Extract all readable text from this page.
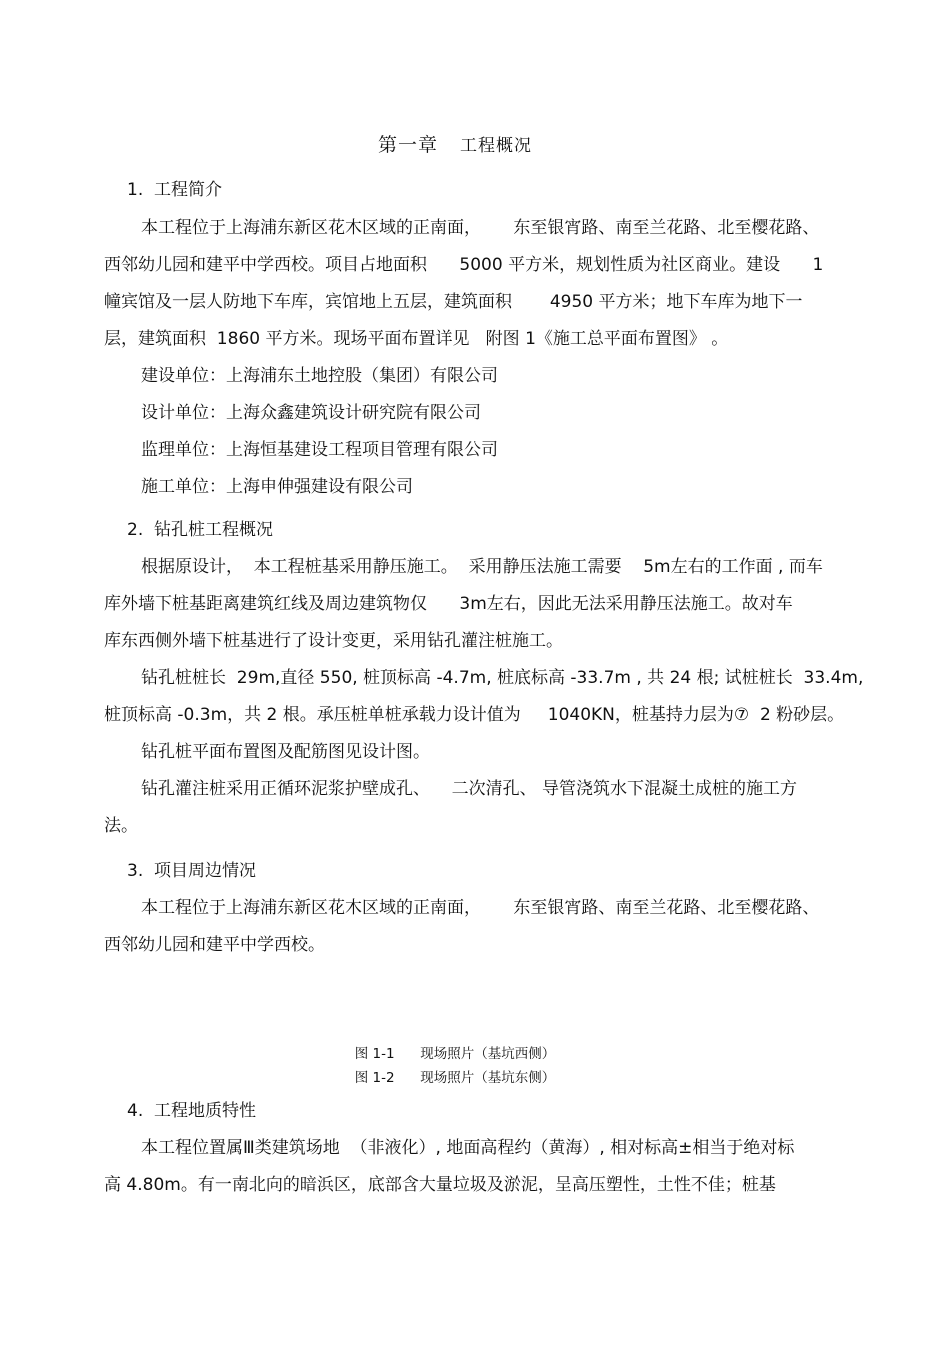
第一章 工程概况
1.  工程简介
本工程位于上海浦东新区花木区域的正南面，      东至银宵路、南至兰花路、北至樱花路、
西邻幼儿园和建平中学西校。项目占地面积      5000 平方米，规划性质为社区商业。建设      1
幢宾馆及一层人防地下车库，宾馆地上五层，建筑面积       4950 平方米；地下车库为地下一
层，建筑面积  1860 平方米。现场平面布置详见   附图 1《施工总平面布置图》 。
建设单位：上海浦东土地控股（集团）有限公司
设计单位：上海众鑫建筑设计研究院有限公司
监理单位：上海恒基建设工程项目管理有限公司
施工单位：上海申伸强建设有限公司
2.  钻孔桩工程概况
根据原设计，  本工程桩基采用静压施工。  采用静压法施工需要    5m左右的工作面 , 而车
库外墙下桩基距离建筑红线及周边建筑物仅      3m左右，因此无法采用静压法施工。故对车
库东西侧外墙下桩基进行了设计变更，采用钻孔灌注桩施工。
钻孔桩桩长  29m,直径 550, 桩顶标高 -4.7m, 桩底标高 -33.7m , 共 24 根; 试桩桩长  33.4m,
桩顶标高 -0.3m，共 2 根。承压桩单桩承载力设计值为     1040KN，桩基持力层为⑦  2 粉砂层。
钻孔桩平面布置图及配筋图见设计图。
钻孔灌注桩采用正循环泥浆护壁成孔、    二次清孔、 导管浇筑水下混凝土成桩的施工方
法。
3.  项目周边情况
本工程位于上海浦东新区花木区域的正南面，      东至银宵路、南至兰花路、北至樱花路、
西邻幼儿园和建平中学西校。
图 1-1      现场照片（基坑西侧）
图 1-2      现场照片（基坑东侧）
4.  工程地质特性
本工程位置属Ⅲ类建筑场地  （非液化）, 地面高程约（黄海）, 相对标高±相当于绝对标
高 4.80m。有一南北向的暗浜区，底部含大量垃圾及淤泥，呈高压塑性，土性不佳；桩基
